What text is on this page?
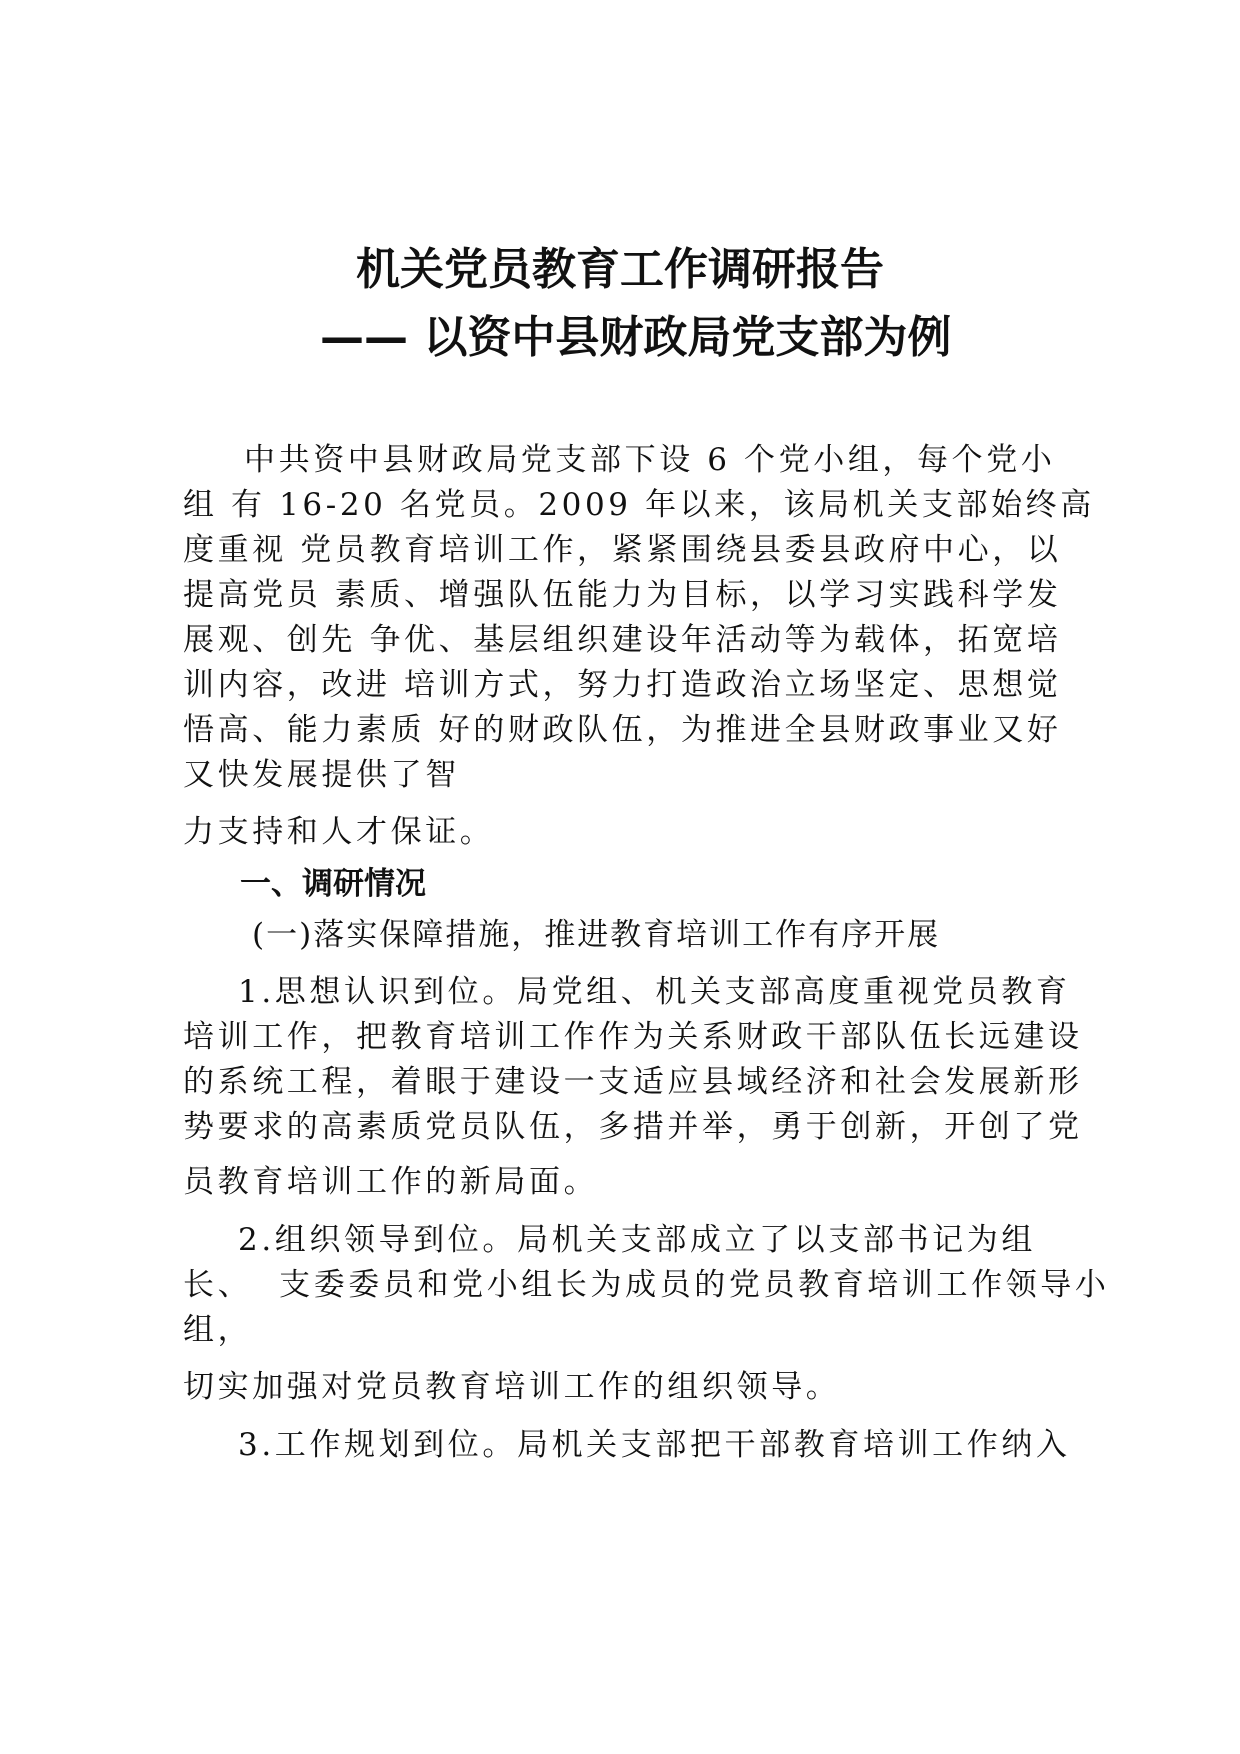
机关党员教育工作调研报告
—— 以资中县财政局党支部为例
中共资中县财政局党支部下设 6 个党小组，每个党小
组 有 16-20 名党员。2009 年以来，该局机关支部始终高
度重视 党员教育培训工作，紧紧围绕县委县政府中心，以
提高党员 素质、增强队伍能力为目标，以学习实践科学发
展观、创先 争优、基层组织建设年活动等为载体，拓宽培
训内容，改进 培训方式，努力打造政治立场坚定、思想觉
悟高、能力素质 好的财政队伍，为推进全县财政事业又好
又快发展提供了智
力支持和人才保证。
一、调研情况
(一)落实保障措施，推进教育培训工作有序开展
1.思想认识到位。局党组、机关支部高度重视党员教育
培训工作，把教育培训工作作为关系财政干部队伍长远建设
的系统工程，着眼于建设一支适应县域经济和社会发展新形
势要求的高素质党员队伍，多措并举，勇于创新，开创了党
员教育培训工作的新局面。
2.组织领导到位。局机关支部成立了以支部书记为组
长、  支委委员和党小组长为成员的党员教育培训工作领导小
组，
切实加强对党员教育培训工作的组织领导。
3.工作规划到位。局机关支部把干部教育培训工作纳入
